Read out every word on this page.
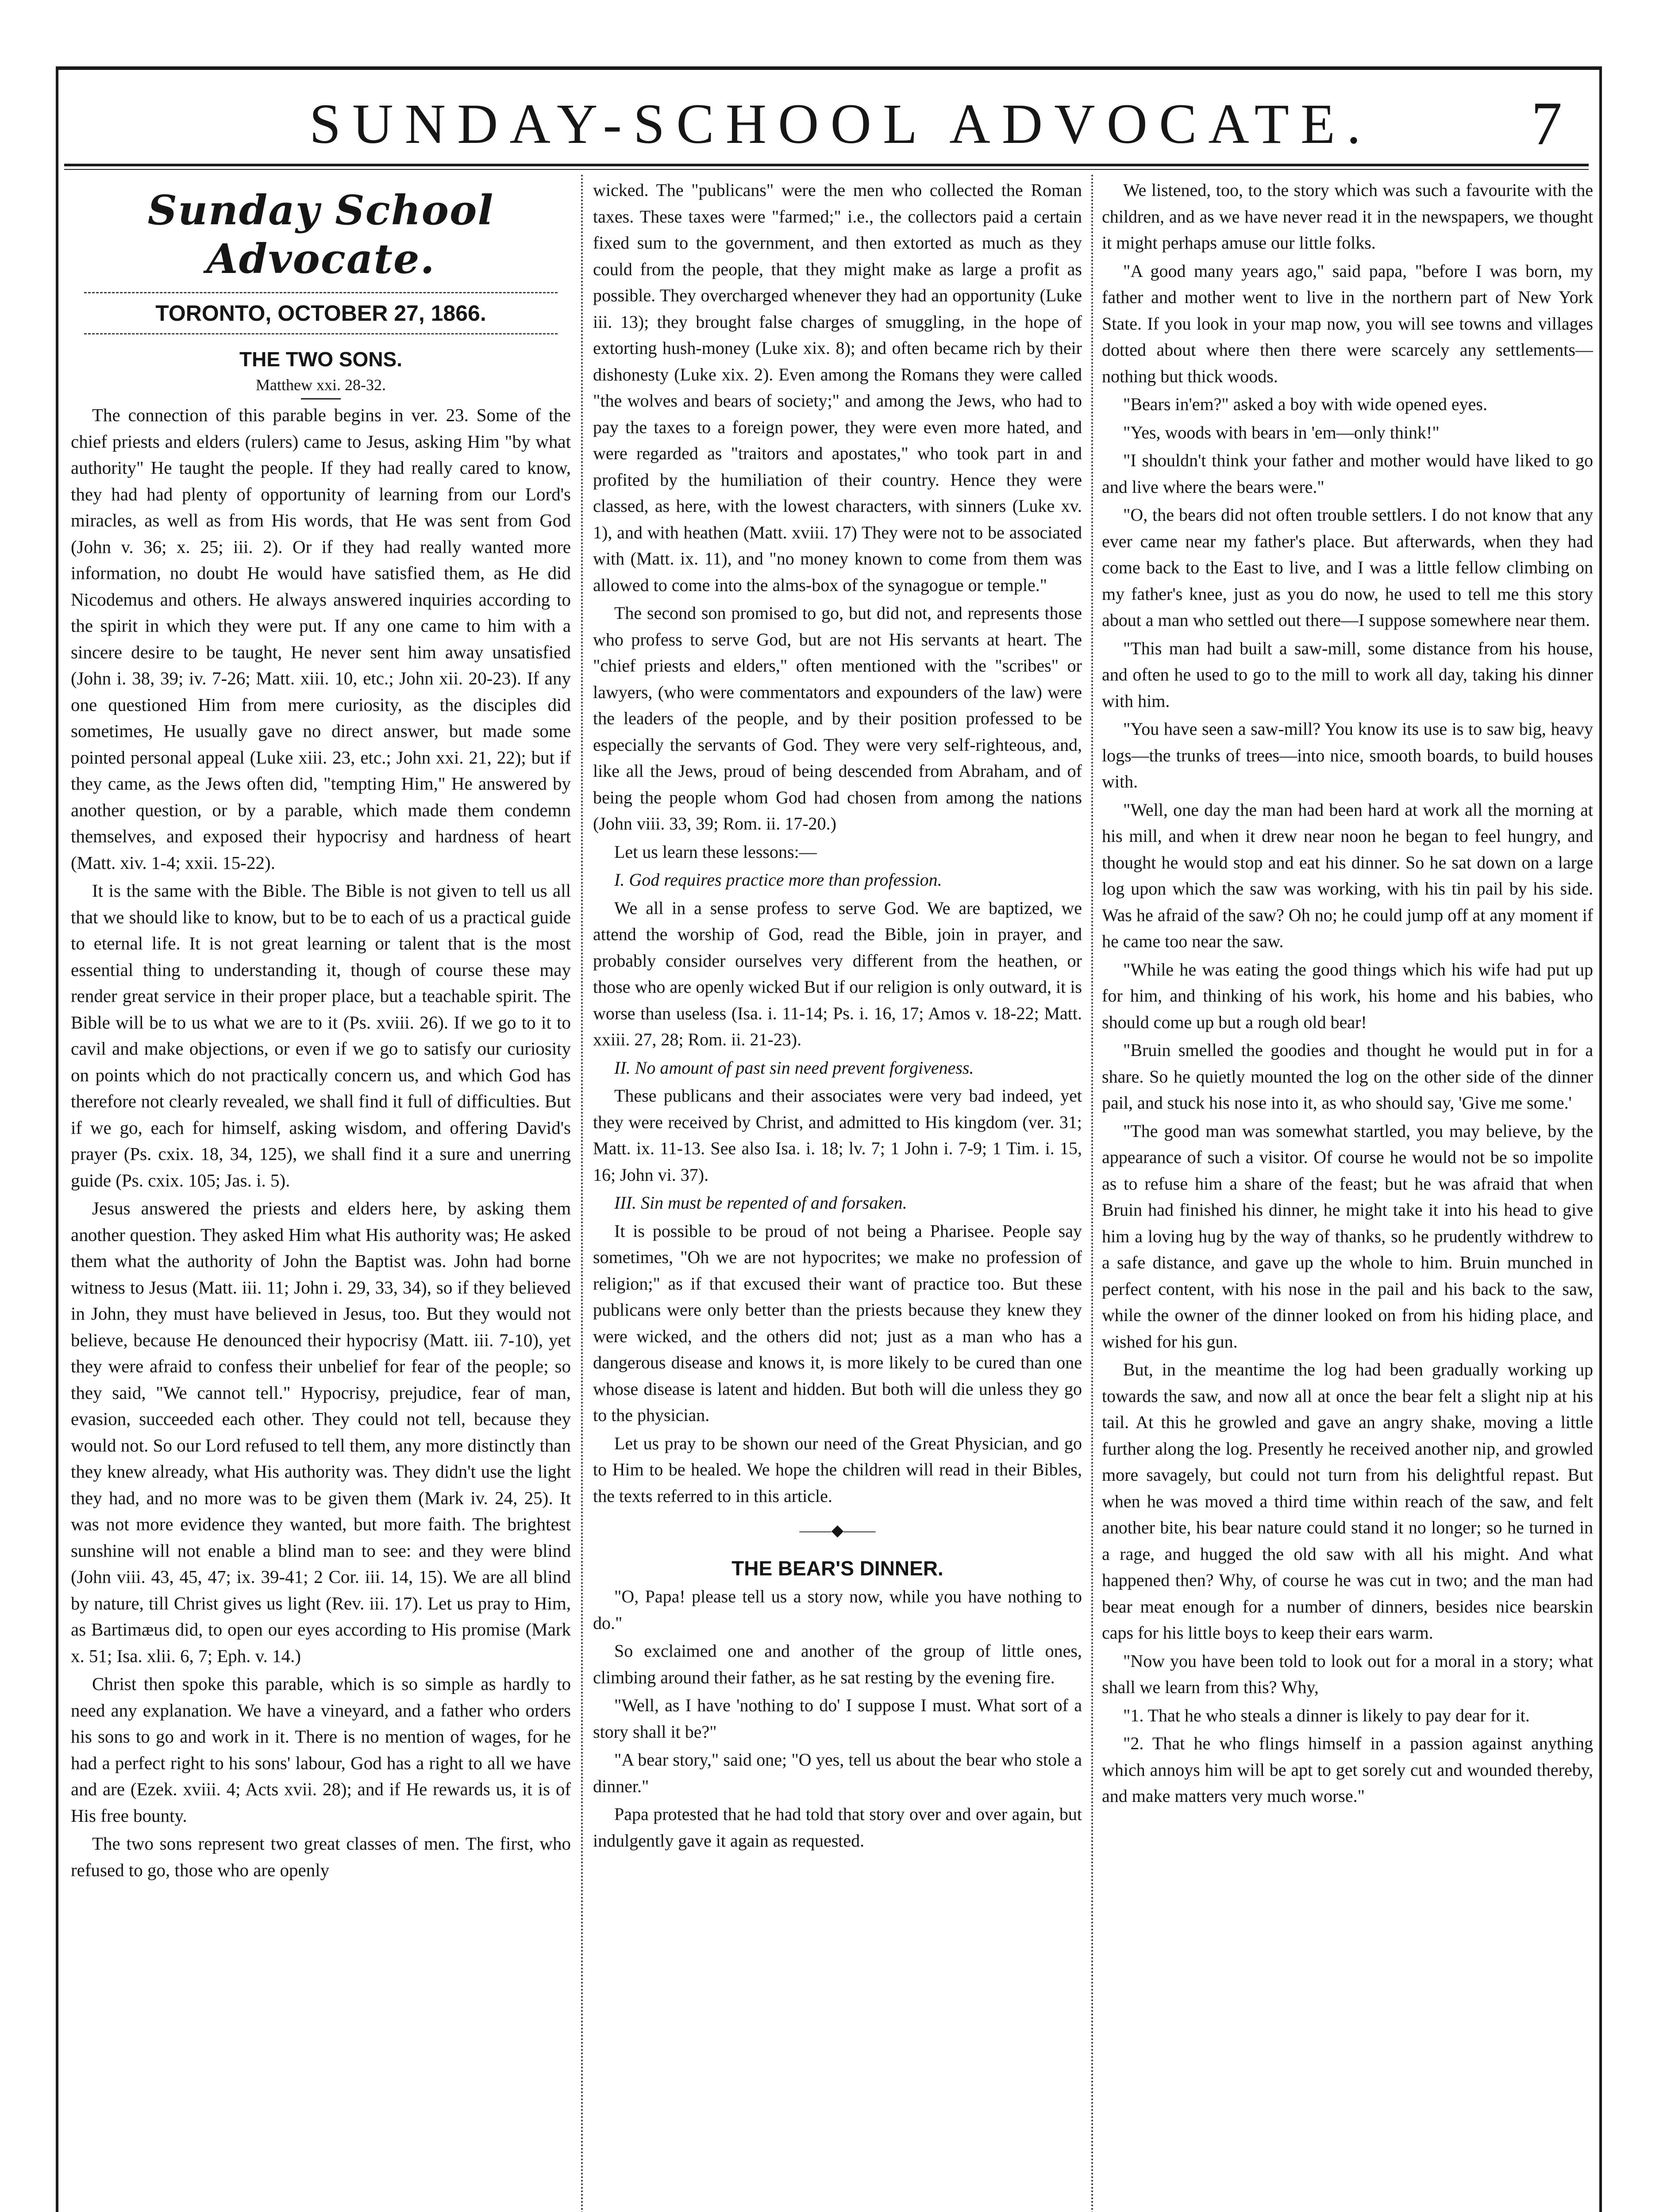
SUNDAY-SCHOOL ADVOCATE.	7
Sunday School Advocate.
TORONTO, OCTOBER 27, 1866.
THE TWO SONS.
Matthew xxi. 28-32.

The connection of this parable begins in ver. 23. Some of the chief priests and elders (rulers) came to Jesus, asking Him "by what authority" He taught the people. If they had really cared to know, they had had plenty of opportunity of learning from our Lord's miracles, as well as from His words, that He was sent from God (John v. 36; x. 25; iii. 2). Or if they had really wanted more information, no doubt He would have satisfied them, as He did Nicodemus and others. He always answered inquiries according to the spirit in which they were put. If any one came to him with a sincere desire to be taught, He never sent him away unsatisfied (John i. 38, 39; iv. 7-26; Matt. xiii. 10, etc.; John xii. 20-23). If any one questioned Him from mere curiosity, as the disciples did sometimes, He usually gave no direct answer, but made some pointed personal appeal (Luke xiii. 23, etc.; John xxi. 21, 22); but if they came, as the Jews often did, "tempting Him," He answered by another question, or by a parable, which made them condemn themselves, and exposed their hypocrisy and hardness of heart (Matt. xiv. 1-4; xxii. 15-22).

It is the same with the Bible. The Bible is not given to tell us all that we should like to know, but to be to each of us a practical guide to eternal life. It is not great learning or talent that is the most essential thing to understanding it, though of course these may render great service in their proper place, but a teachable spirit. The Bible will be to us what we are to it (Ps. xviii. 26). If we go to it to cavil and make objections, or even if we go to satisfy our curiosity on points which do not practically concern us, and which God has therefore not clearly revealed, we shall find it full of difficulties. But if we go, each for himself, asking wisdom, and offering David's prayer (Ps. cxix. 18, 34, 125), we shall find it a sure and unerring guide (Ps. cxix. 105; Jas. i. 5).

Jesus answered the priests and elders here, by asking them another question. They asked Him what His authority was; He asked them what the authority of John the Baptist was. John had borne witness to Jesus (Matt. iii. 11; John i. 29, 33, 34), so if they believed in John, they must have believed in Jesus, too. But they would not believe, because He denounced their hypocrisy (Matt. iii. 7-10), yet they were afraid to confess their unbelief for fear of the people; so they said, "We cannot tell." Hypocrisy, prejudice, fear of man, evasion, succeeded each other. They could not tell, because they would not. So our Lord refused to tell them, any more distinctly than they knew already, what His authority was. They didn't use the light they had, and no more was to be given them (Mark iv. 24, 25). It was not more evidence they wanted, but more faith. The brightest sunshine will not enable a blind man to see: and they were blind (John viii. 43, 45, 47; ix. 39-41; 2 Cor. iii. 14, 15). We are all blind by nature, till Christ gives us light (Rev. iii. 17). Let us pray to Him, as Bartimæus did, to open our eyes according to His promise (Mark x. 51; Isa. xlii. 6, 7; Eph. v. 14.)

Christ then spoke this parable, which is so simple as hardly to need any explanation. We have a vineyard, and a father who orders his sons to go and work in it. There is no mention of wages, for he had a perfect right to his sons' labour, God has a right to all we have and are (Ezek. xviii. 4; Acts xvii. 28); and if He rewards us, it is of His free bounty.

The two sons represent two great classes of men. The first, who refused to go, those who are openly

wicked. The "publicans" were the men who collected the Roman taxes. These taxes were "farmed;" i.e., the collectors paid a certain fixed sum to the government, and then extorted as much as they could from the people, that they might make as large a profit as possible. They overcharged whenever they had an opportunity (Luke iii. 13); they brought false charges of smuggling, in the hope of extorting hush-money (Luke xix. 8); and often became rich by their dishonesty (Luke xix. 2). Even among the Romans they were called "the wolves and bears of society;" and among the Jews, who had to pay the taxes to a foreign power, they were even more hated, and were regarded as "traitors and apostates," who took part in and profited by the humiliation of their country. Hence they were classed, as here, with the lowest characters, with sinners (Luke xv. 1), and with heathen (Matt. xviii. 17) They were not to be associated with (Matt. ix. 11), and "no money known to come from them was allowed to come into the alms-box of the synagogue or temple."

The second son promised to go, but did not, and represents those who profess to serve God, but are not His servants at heart. The "chief priests and elders," often mentioned with the "scribes" or lawyers, (who were commentators and expounders of the law) were the leaders of the people, and by their position professed to be especially the servants of God. They were very self-righteous, and, like all the Jews, proud of being descended from Abraham, and of being the people whom God had chosen from among the nations (John viii. 33, 39; Rom. ii. 17-20.)

Let us learn these lessons:—

I. God requires practice more than profession.

We all in a sense profess to serve God. We are baptized, we attend the worship of God, read the Bible, join in prayer, and probably consider ourselves very different from the heathen, or those who are openly wicked But if our religion is only outward, it is worse than useless (Isa. i. 11-14; Ps. i. 16, 17; Amos v. 18-22; Matt. xxiii. 27, 28; Rom. ii. 21-23).

II. No amount of past sin need prevent forgiveness.

These publicans and their associates were very bad indeed, yet they were received by Christ, and admitted to His kingdom (ver. 31; Matt. ix. 11-13. See also Isa. i. 18; lv. 7; 1 John i. 7-9; 1 Tim. i. 15, 16; John vi. 37).

III. Sin must be repented of and forsaken.

It is possible to be proud of not being a Pharisee. People say sometimes, "Oh we are not hypocrites; we make no profession of religion;" as if that excused their want of practice too. But these publicans were only better than the priests because they knew they were wicked, and the others did not; just as a man who has a dangerous disease and knows it, is more likely to be cured than one whose disease is latent and hidden. But both will die unless they go to the physician.

Let us pray to be shown our need of the Great Physician, and go to Him to be healed. We hope the children will read in their Bibles, the texts referred to in this article.

——◆——
THE BEAR'S DINNER.

"O, Papa! please tell us a story now, while you have nothing to do."

So exclaimed one and another of the group of little ones, climbing around their father, as he sat resting by the evening fire.

"Well, as I have 'nothing to do' I suppose I must. What sort of a story shall it be?"

"A bear story," said one; "O yes, tell us about the bear who stole a dinner."

Papa protested that he had told that story over and over again, but indulgently gave it again as requested.

We listened, too, to the story which was such a favourite with the children, and as we have never read it in the newspapers, we thought it might perhaps amuse our little folks.

"A good many years ago," said papa, "before I was born, my father and mother went to live in the northern part of New York State. If you look in your map now, you will see towns and villages dotted about where then there were scarcely any settlements—nothing but thick woods.

"Bears in'em?" asked a boy with wide opened eyes.

"Yes, woods with bears in 'em—only think!"

"I shouldn't think your father and mother would have liked to go and live where the bears were."

"O, the bears did not often trouble settlers. I do not know that any ever came near my father's place. But afterwards, when they had come back to the East to live, and I was a little fellow climbing on my father's knee, just as you do now, he used to tell me this story about a man who settled out there—I suppose somewhere near them.

"This man had built a saw-mill, some distance from his house, and often he used to go to the mill to work all day, taking his dinner with him.

"You have seen a saw-mill? You know its use is to saw big, heavy logs—the trunks of trees—into nice, smooth boards, to build houses with.

"Well, one day the man had been hard at work all the morning at his mill, and when it drew near noon he began to feel hungry, and thought he would stop and eat his dinner. So he sat down on a large log upon which the saw was working, with his tin pail by his side. Was he afraid of the saw? Oh no; he could jump off at any moment if he came too near the saw.

"While he was eating the good things which his wife had put up for him, and thinking of his work, his home and his babies, who should come up but a rough old bear!

"Bruin smelled the goodies and thought he would put in for a share. So he quietly mounted the log on the other side of the dinner pail, and stuck his nose into it, as who should say, 'Give me some.'

"The good man was somewhat startled, you may believe, by the appearance of such a visitor. Of course he would not be so impolite as to refuse him a share of the feast; but he was afraid that when Bruin had finished his dinner, he might take it into his head to give him a loving hug by the way of thanks, so he prudently withdrew to a safe distance, and gave up the whole to him. Bruin munched in perfect content, with his nose in the pail and his back to the saw, while the owner of the dinner looked on from his hiding place, and wished for his gun.

But, in the meantime the log had been gradually working up towards the saw, and now all at once the bear felt a slight nip at his tail. At this he growled and gave an angry shake, moving a little further along the log. Presently he received another nip, and growled more savagely, but could not turn from his delightful repast. But when he was moved a third time within reach of the saw, and felt another bite, his bear nature could stand it no longer; so he turned in a rage, and hugged the old saw with all his might. And what happened then? Why, of course he was cut in two; and the man had bear meat enough for a number of dinners, besides nice bearskin caps for his little boys to keep their ears warm.

"Now you have been told to look out for a moral in a story; what shall we learn from this? Why,

"1. That he who steals a dinner is likely to pay dear for it.

"2. That he who flings himself in a passion against anything which annoys him will be apt to get sorely cut and wounded thereby, and make matters very much worse."
